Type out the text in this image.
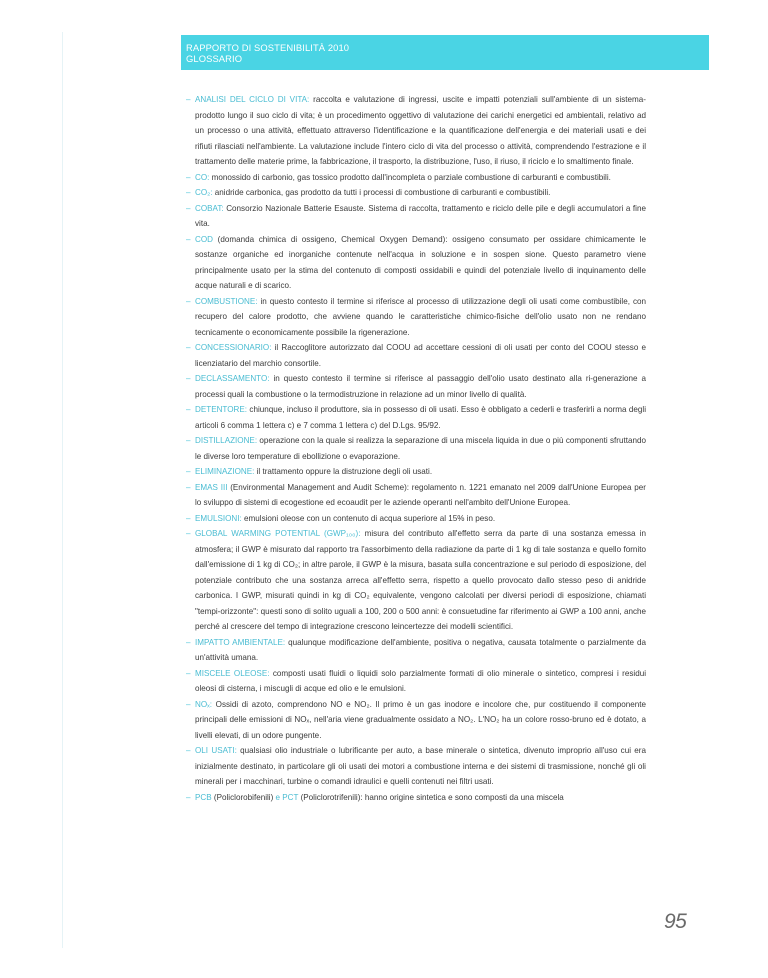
RAPPORTO DI SOSTENIBILITÀ 2010
GLOSSARIO
– ANALISI DEL CICLO DI VITA: raccolta e valutazione di ingressi, uscite e impatti potenziali sull'ambiente di un sistema-prodotto lungo il suo ciclo di vita; è un procedimento oggettivo di valutazione dei carichi energetici ed ambientali, relativo ad un processo o una attività, effettuato attraverso l'identificazione e la quantificazione dell'energia e dei materiali usati e dei rifiuti rilasciati nell'ambiente. La valutazione include l'intero ciclo di vita del processo o attività, comprendendo l'estrazione e il trattamento delle materie prime, la fabbricazione, il trasporto, la distribuzione, l'uso, il riuso, il riciclo e lo smaltimento finale.
– CO: monossido di carbonio, gas tossico prodotto dall'incompleta o parziale combustione di carburanti e combustibili.
– CO₂: anidride carbonica, gas prodotto da tutti i processi di combustione di carburanti e combustibili.
– COBAT: Consorzio Nazionale Batterie Esauste. Sistema di raccolta, trattamento e riciclo delle pile e degli accumulatori a fine vita.
– COD (domanda chimica di ossigeno, Chemical Oxygen Demand): ossigeno consumato per ossidare chimicamente le sostanze organiche ed inorganiche contenute nell'acqua in soluzione e in sospen sione. Questo parametro viene principalmente usato per la stima del contenuto di composti ossidabili e quindi del potenziale livello di inquinamento delle acque naturali e di scarico.
– COMBUSTIONE: in questo contesto il termine si riferisce al processo di utilizzazione degli oli usati come combustibile, con recupero del calore prodotto, che avviene quando le caratteristiche chimico-fisiche dell'olio usato non ne rendano tecnicamente o economicamente possibile la rigenerazione.
– CONCESSIONARIO: il Raccoglitore autorizzato dal COOU ad accettare cessioni di oli usati per conto del COOU stesso e licenziatario del marchio consortile.
– DECLASSAMENTO: in questo contesto il termine si riferisce al passaggio dell'olio usato destinato alla ri-generazione a processi quali la combustione o la termodistruzione in relazione ad un minor livello di qualità.
– DETENTORE: chiunque, incluso il produttore, sia in possesso di oli usati. Esso è obbligato a cederli e trasferirli a norma degli articoli 6 comma 1 lettera c) e 7 comma 1 lettera c) del D.Lgs. 95/92.
– DISTILLAZIONE: operazione con la quale si realizza la separazione di una miscela liquida in due o più componenti sfruttando le diverse loro temperature di ebollizione o evaporazione.
– ELIMINAZIONE: il trattamento oppure la distruzione degli oli usati.
– EMAS III (Environmental Management and Audit Scheme): regolamento n. 1221 emanato nel 2009 dall'Unione Europea per lo sviluppo di sistemi di ecogestione ed ecoaudit per le aziende operanti nell'ambito dell'Unione Europea.
– EMULSIONI: emulsioni oleose con un contenuto di acqua superiore al 15% in peso.
– GLOBAL WARMING POTENTIAL (GWP₁₀₀): misura del contributo all'effetto serra da parte di una sostanza emessa in atmosfera; il GWP è misurato dal rapporto tra l'assorbimento della radiazione da parte di 1 kg di tale sostanza e quello fornito dall'emissione di 1 kg di CO₂; in altre parole, il GWP è la misura, basata sulla concentrazione e sul periodo di esposizione, del potenziale contributo che una sostanza arreca all'effetto serra, rispetto a quello provocato dallo stesso peso di anidride carbonica. I GWP, misurati quindi in kg di CO₂ equivalente, vengono calcolati per diversi periodi di esposizione, chiamati "tempi-orizzonte": questi sono di solito uguali a 100, 200 o 500 anni: è consuetudine far riferimento ai GWP a 100 anni, anche perché al crescere del tempo di integrazione crescono leincertezze dei modelli scientifici.
– IMPATTO AMBIENTALE: qualunque modificazione dell'ambiente, positiva o negativa, causata totalmente o parzialmente da un'attività umana.
– MISCELE OLEOSE: composti usati fluidi o liquidi solo parzialmente formati di olio minerale o sintetico, compresi i residui oleosi di cisterna, i miscugli di acque ed olio e le emulsioni.
– NOₓ: Ossidi di azoto, comprendono NO e NO₂. Il primo è un gas inodore e incolore che, pur costituendo il componente principali delle emissioni di NOₓ, nell'aria viene gradualmente ossidato a NO₂. L'NO₂ ha un colore rosso-bruno ed è dotato, a livelli elevati, di un odore pungente.
– OLI USATI: qualsiasi olio industriale o lubrificante per auto, a base minerale o sintetica, divenuto improprio all'uso cui era inizialmente destinato, in particolare gli oli usati dei motori a combustione interna e dei sistemi di trasmissione, nonché gli oli minerali per i macchinari, turbine o comandi idraulici e quelli contenuti nei filtri usati.
– PCB (Policlorobifenili) e PCT (Policlorotrifenili): hanno origine sintetica e sono composti da una miscela
95
